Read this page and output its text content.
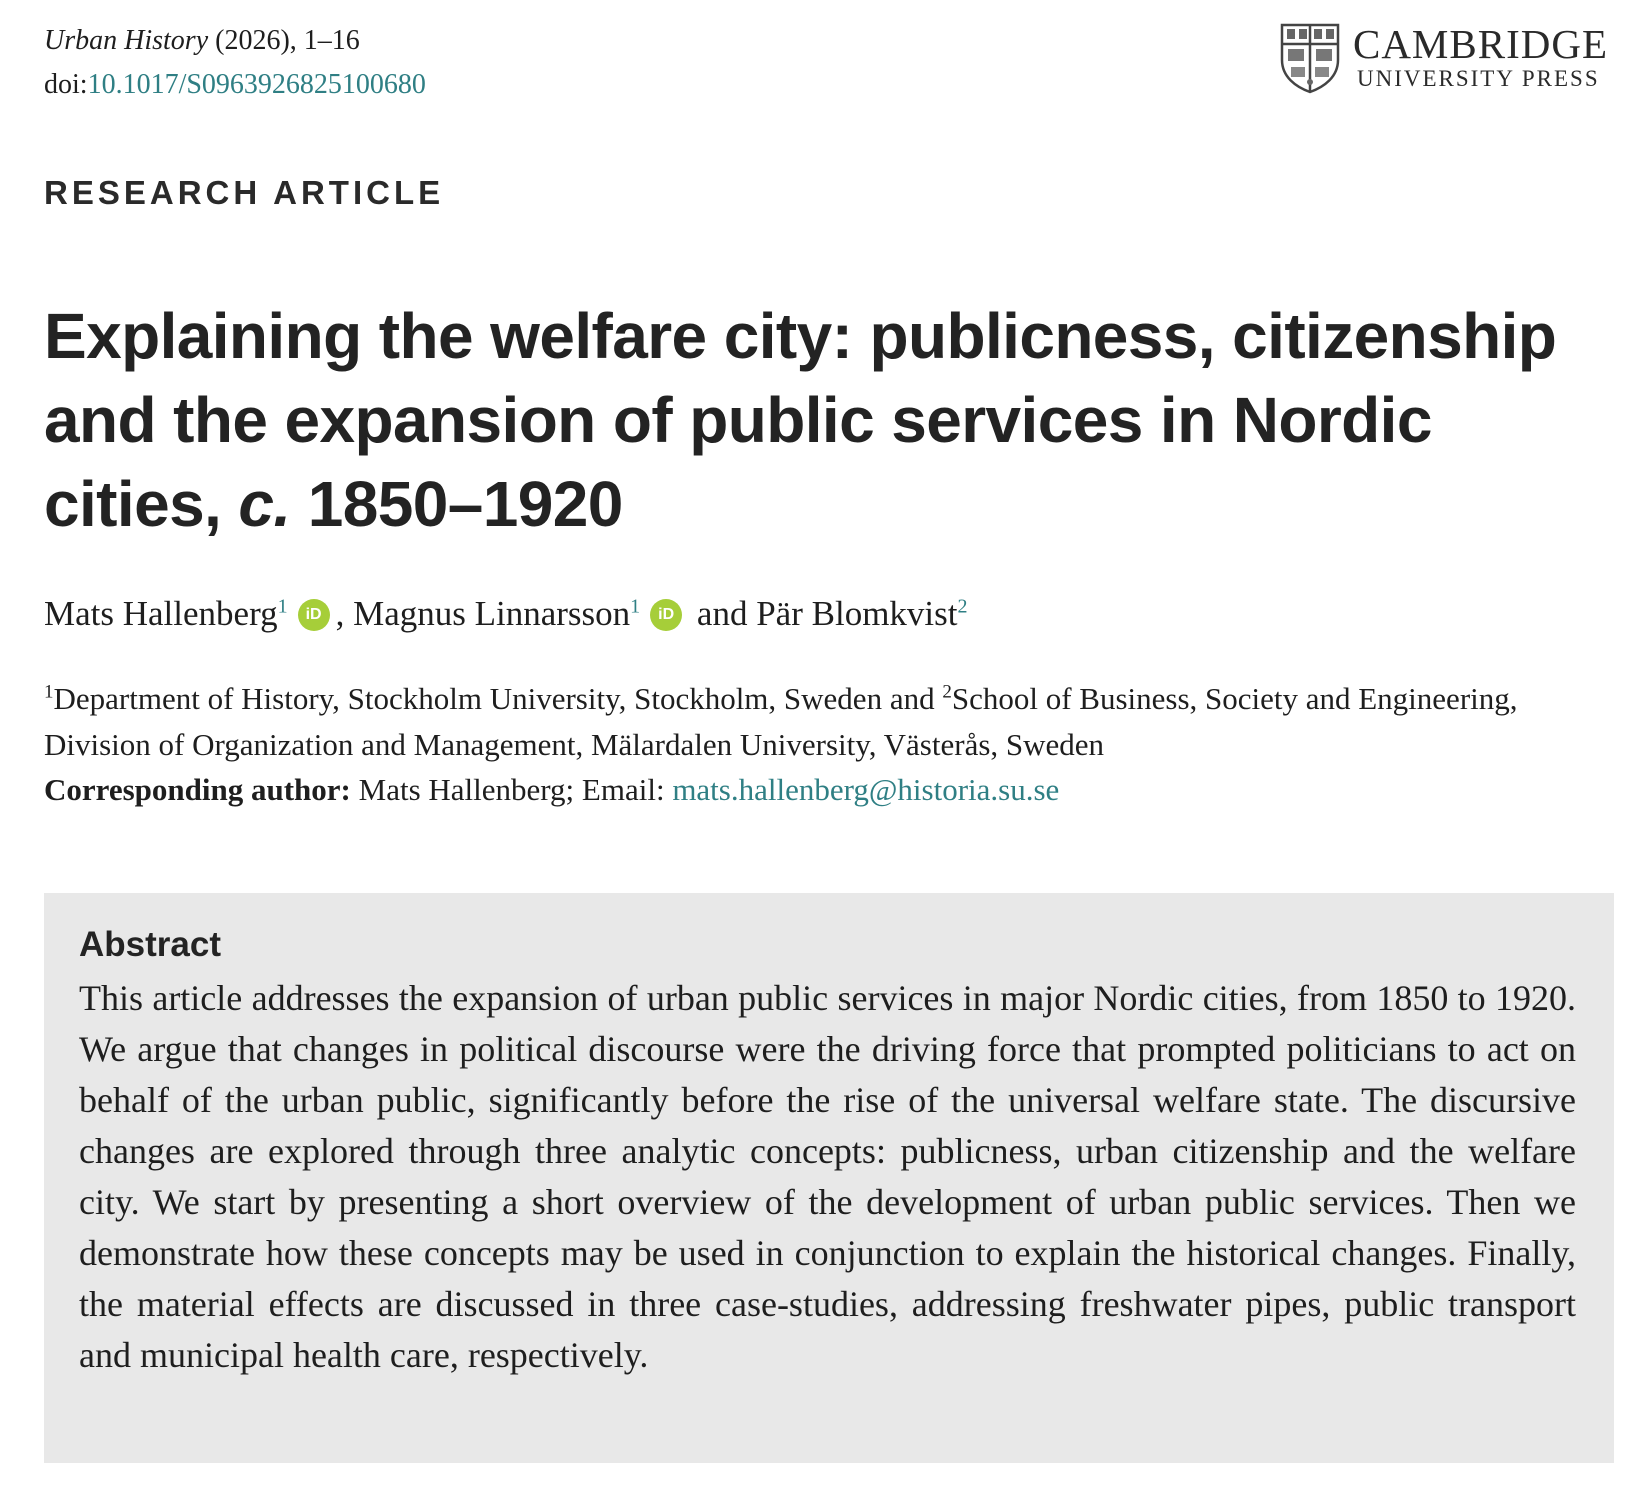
Urban History (2026), 1–16
doi:10.1017/S0963926825100680
CAMBRIDGE
UNIVERSITY PRESS
RESEARCH ARTICLE
Explaining the welfare city: publicness, citizenship and the expansion of public services in Nordic cities, c. 1850–1920
Mats Hallenberg$^1$ iD , Magnus Linnarsson$^1$ iD and Pär Blomkvist$^2$

$^1$Department of History, Stockholm University, Stockholm, Sweden and $^2$School of Business, Society and Engineering, Division of Organization and Management, Mälardalen University, Västerås, Sweden

Corresponding author: Mats Hallenberg; Email: mats.hallenberg@historia.su.se
Abstract

This article addresses the expansion of urban public services in major Nordic cities, from 1850 to 1920. We argue that changes in political discourse were the driving force that prompted politicians to act on behalf of the urban public, significantly before the rise of the universal welfare state. The discursive changes are explored through three analytic concepts: publicness, urban citizenship and the welfare city. We start by presenting a short overview of the development of urban public services. Then we demonstrate how these concepts may be used in conjunction to explain the historical changes. Finally, the material effects are discussed in three case-studies, addressing freshwater pipes, public transport and municipal health care, respectively.
